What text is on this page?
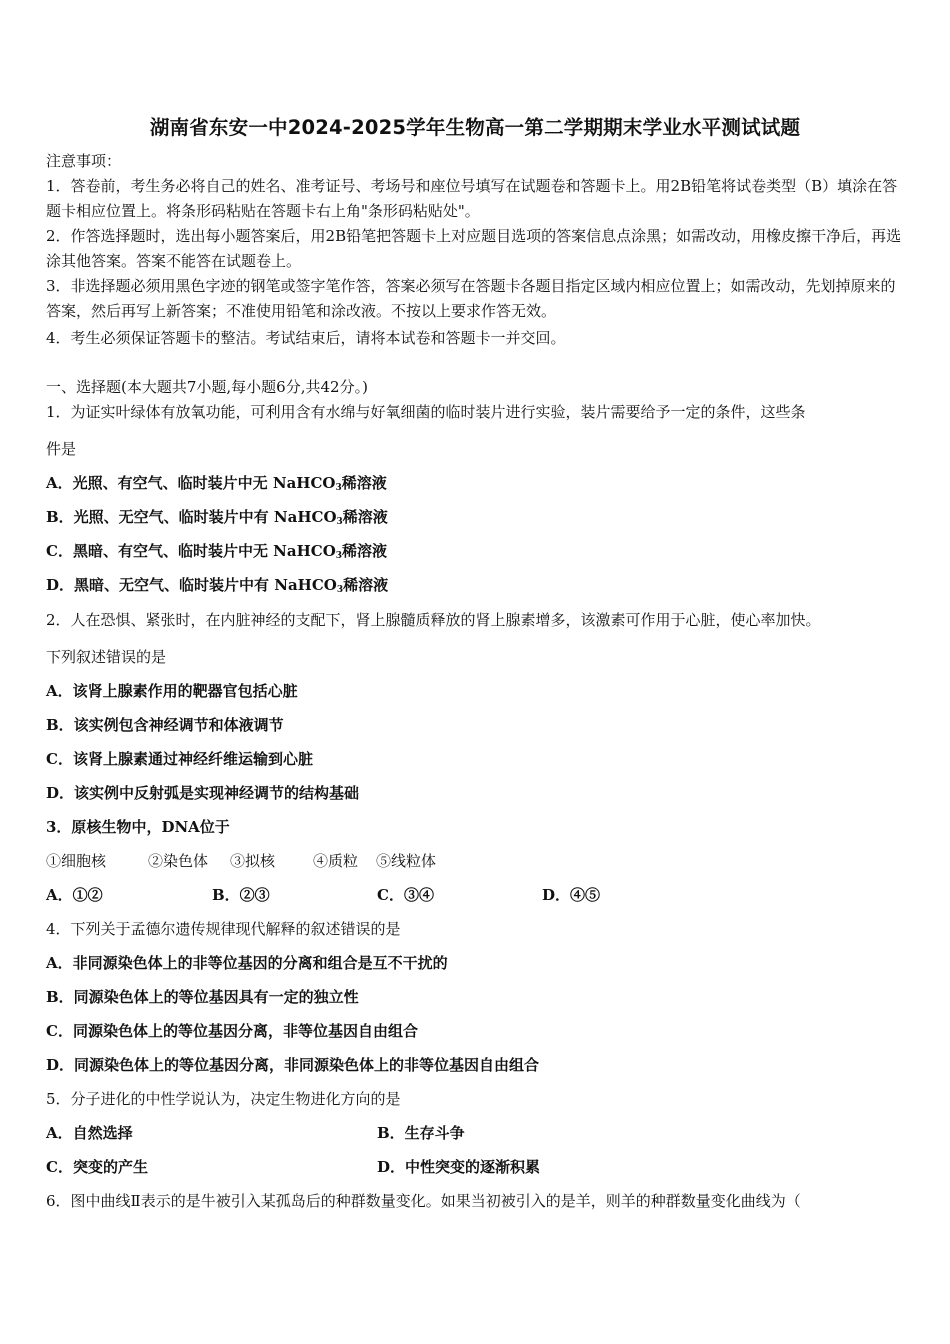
湖南省东安一中2024-2025学年生物高一第二学期期末学业水平测试试题
注意事项：
1．答卷前，考生务必将自己的姓名、准考证号、考场号和座位号填写在试题卷和答题卡上。用2B铅笔将试卷类型（B）填涂在答题卡相应位置上。将条形码粘贴在答题卡右上角"条形码粘贴处"。
2．作答选择题时，选出每小题答案后，用2B铅笔把答题卡上对应题目选项的答案信息点涂黑；如需改动，用橡皮擦干净后，再选涂其他答案。答案不能答在试题卷上。
3．非选择题必须用黑色字迹的钢笔或签字笔作答，答案必须写在答题卡各题目指定区域内相应位置上；如需改动，先划掉原来的答案，然后再写上新答案；不准使用铅笔和涂改液。不按以上要求作答无效。
4．考生必须保证答题卡的整洁。考试结束后，请将本试卷和答题卡一并交回。
一、选择题(本大题共7小题,每小题6分,共42分。)
1．为证实叶绿体有放氧功能，可利用含有水绵与好氧细菌的临时装片进行实验，装片需要给予一定的条件，这些条
件是
A．光照、有空气、临时装片中无 NaHCO$_3$稀溶液
B．光照、无空气、临时装片中有 NaHCO$_3$稀溶液
C．黑暗、有空气、临时装片中无 NaHCO$_3$稀溶液
D．黑暗、无空气、临时装片中有 NaHCO$_3$稀溶液
2．人在恐惧、紧张时，在内脏神经的支配下，肾上腺髓质释放的肾上腺素增多，该激素可作用于心脏，使心率加快。
下列叙述错误的是
A．该肾上腺素作用的靶器官包括心脏
B．该实例包含神经调节和体液调节
C．该肾上腺素通过神经纤维运输到心脏
D．该实例中反射弧是实现神经调节的结构基础
3．原核生物中，DNA位于
①细胞核	②染色体 ③拟核	④质粒 ⑤线粒体
A．①②	B．②③	C．③④	D．④⑤
4．下列关于孟德尔遗传规律现代解释的叙述错误的是
A．非同源染色体上的非等位基因的分离和组合是互不干扰的
B．同源染色体上的等位基因具有一定的独立性
C．同源染色体上的等位基因分离，非等位基因自由组合
D．同源染色体上的等位基因分离，非同源染色体上的非等位基因自由组合
5．分子进化的中性学说认为，决定生物进化方向的是
A．自然选择	B．生存斗争
C．突变的产生	D．中性突变的逐渐积累
6．图中曲线Ⅱ表示的是牛被引入某孤岛后的种群数量变化。如果当初被引入的是羊，则羊的种群数量变化曲线为（
